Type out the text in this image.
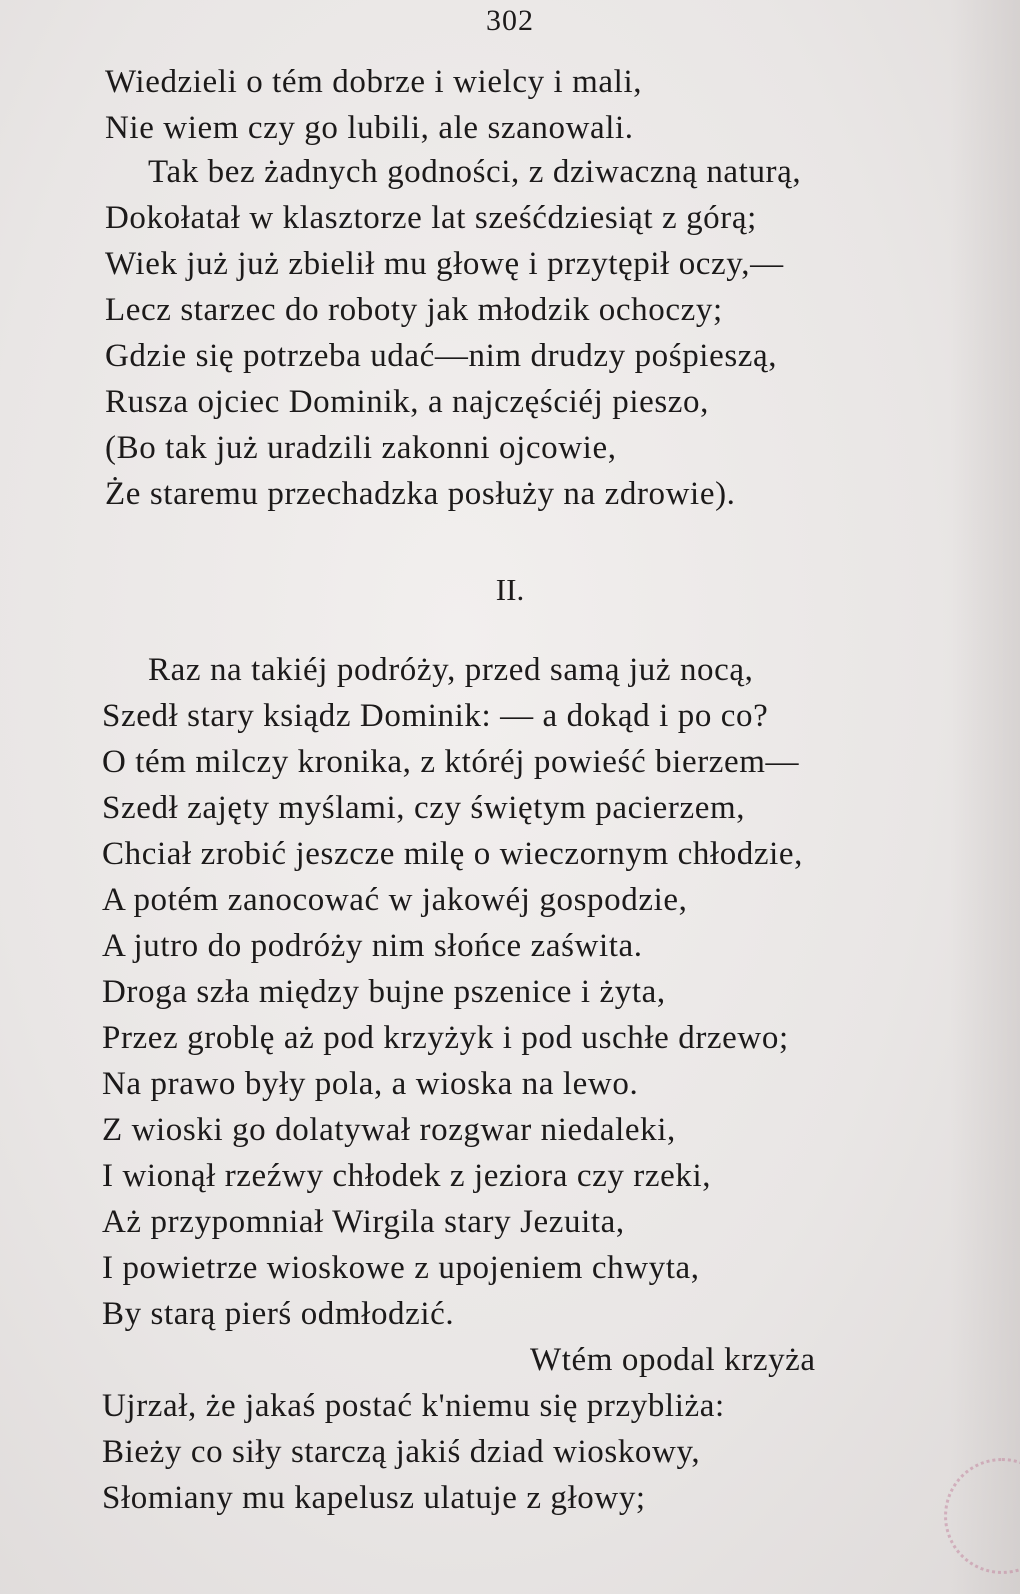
302
Wiedzieli o tém dobrze i wielcy i mali,
Nie wiem czy go lubili, ale szanowali.
Tak bez żadnych godności, z dziwaczną naturą,
Dokołatał w klasztorze lat sześćdziesiąt z górą;
Wiek już już zbielił mu głowę i przytępił oczy,—
Lecz starzec do roboty jak młodzik ochoczy;
Gdzie się potrzeba udać—nim drudzy pośpieszą,
Rusza ojciec Dominik, a najczęściéj pieszo,
(Bo tak już uradzili zakonni ojcowie,
Że staremu przechadzka posłuży na zdrowie).
II.
Raz na takiéj podróży, przed samą już nocą,
Szedł stary ksiądz Dominik: — a dokąd i po co?
O tém milczy kronika, z któréj powieść bierzem—
Szedł zajęty myślami, czy świętym pacierzem,
Chciał zrobić jeszcze milę o wieczornym chłodzie,
A potém zanocować w jakowéj gospodzie,
A jutro do podróży nim słońce zaświta.
Droga szła między bujne pszenice i żyta,
Przez groblę aż pod krzyżyk i pod uschłe drzewo;
Na prawo były pola, a wioska na lewo.
Z wioski go dolatywał rozgwar niedaleki,
I wionął rzeźwy chłodek z jeziora czy rzeki,
Aż przypomniał Wirgila stary Jezuita,
I powietrze wioskowe z upojeniem chwyta,
By starą pierś odmłodzić.
Wtém opodal krzyża
Ujrzał, że jakaś postać k'niemu się przybliża:
Bieży co siły starczą jakiś dziad wioskowy,
Słomiany mu kapelusz ulatuje z głowy;
